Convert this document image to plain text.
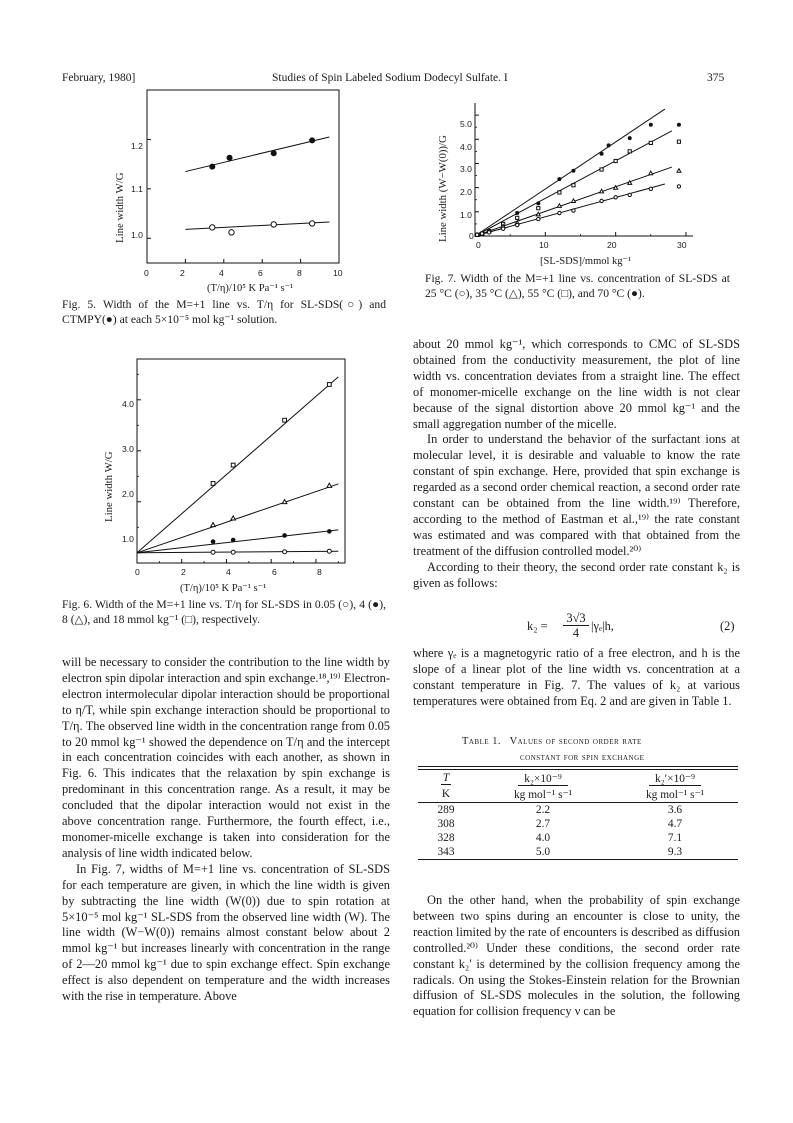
February, 1980]	Studies of Spin Labeled Sodium Dodecyl Sulfate. I	375
Line width W/G
1.2
1.1
1.0
0	2	4	6	8	10
(T/η)/10⁵ K Pa⁻¹ s⁻¹
Fig. 5. Width of the M=+1 line vs. T/η for SL-SDS(○) and CTMPY(●) at each 5×10⁻⁵ mol kg⁻¹ solution.
Line width W/G
4.0
3.0
2.0
1.0
0	2	4	6	8
(T/η)/10⁵ K Pa⁻¹ s⁻¹
Fig. 6. Width of the M=+1 line vs. T/η for SL-SDS in 0.05 (○), 4 (●), 8 (△), and 18 mmol kg⁻¹ (□), respectively.

will be necessary to consider the contribution to the line width by electron spin dipolar interaction and spin exchange.¹⁸,¹⁹⁾ Electron-electron intermolecular dipolar interaction should be proportional to η/T, while spin exchange interaction should be proportional to T/η. The observed line width in the concentration range from 0.05 to 20 mmol kg⁻¹ showed the dependence on T/η and the intercept in each concentration coincides with each another, as shown in Fig. 6. This indicates that the relaxation by spin exchange is predominant in this concentration range. As a result, it may be concluded that the dipolar interaction would not exist in the above concentration range. Furthermore, the fourth effect, i.e., monomer-micelle exchange is taken into consideration for the analysis of line width indicated below.

In Fig. 7, widths of M=+1 line vs. concentration of SL-SDS for each temperature are given, in which the line width is given by subtracting the line width (W(0)) due to spin rotation at 5×10⁻⁵ mol kg⁻¹ SL-SDS from the observed line width (W). The line width (W−W(0)) remains almost constant below about 2 mmol kg⁻¹ but increases linearly with concentration in the range of 2—20 mmol kg⁻¹ due to spin exchange effect. Spin exchange effect is also dependent on temperature and the width increases with the rise in temperature. Above

Line width (W−W(0))/G
5.0
4.0
3.0
2.0
1.0
0
0	10	20	30
[SL-SDS]/mmol kg⁻¹
Fig. 7. Width of the M=+1 line vs. concentration of SL-SDS at 25 °C (○), 35 °C (△), 55 °C (□), and 70 °C (●).

about 20 mmol kg⁻¹, which corresponds to CMC of SL-SDS obtained from the conductivity measurement, the plot of line width vs. concentration deviates from a straight line. The effect of monomer-micelle exchange on the line width is not clear because of the signal distortion above 20 mmol kg⁻¹ and the small aggregation number of the micelle.

In order to understand the behavior of the surfactant ions at molecular level, it is desirable and valuable to know the rate constant of spin exchange. Here, provided that spin exchange is regarded as a second order chemical reaction, a second order rate constant can be obtained from the line width.¹⁹⁾ Therefore, according to the method of Eastman et al.,¹⁹⁾ the rate constant was estimated and was compared with that obtained from the treatment of the diffusion controlled model.²⁰⁾

According to their theory, the second order rate constant k₂ is given as follows:

$k_2 = \frac{3√3}{4} |\gamma_e|h$,	(2)

where γₑ is a magnetogyric ratio of a free electron, and h is the slope of a linear plot of the line width vs. concentration at a constant temperature in Fig. 7. The values of k₂ at various temperatures were obtained from Eq. 2 and are given in Table 1.

Table 1. Values of second order rate
constant for spin exchange
T	k₂×10⁻⁹	k₂′×10⁻⁹
K	kg mol⁻¹ s⁻¹	kg mol⁻¹ s⁻¹
289	2.2	3.6
308	2.7	4.7
328	4.0	7.1
343	5.0	9.3

On the other hand, when the probability of spin exchange between two spins during an encounter is close to unity, the reaction limited by the rate of encounters is described as diffusion controlled.²⁰⁾ Under these conditions, the second order rate constant k₂′ is determined by the collision frequency among the radicals. On using the Stokes-Einstein relation for the Brownian diffusion of SL-SDS molecules in the solution, the following equation for collision frequency ν can be
